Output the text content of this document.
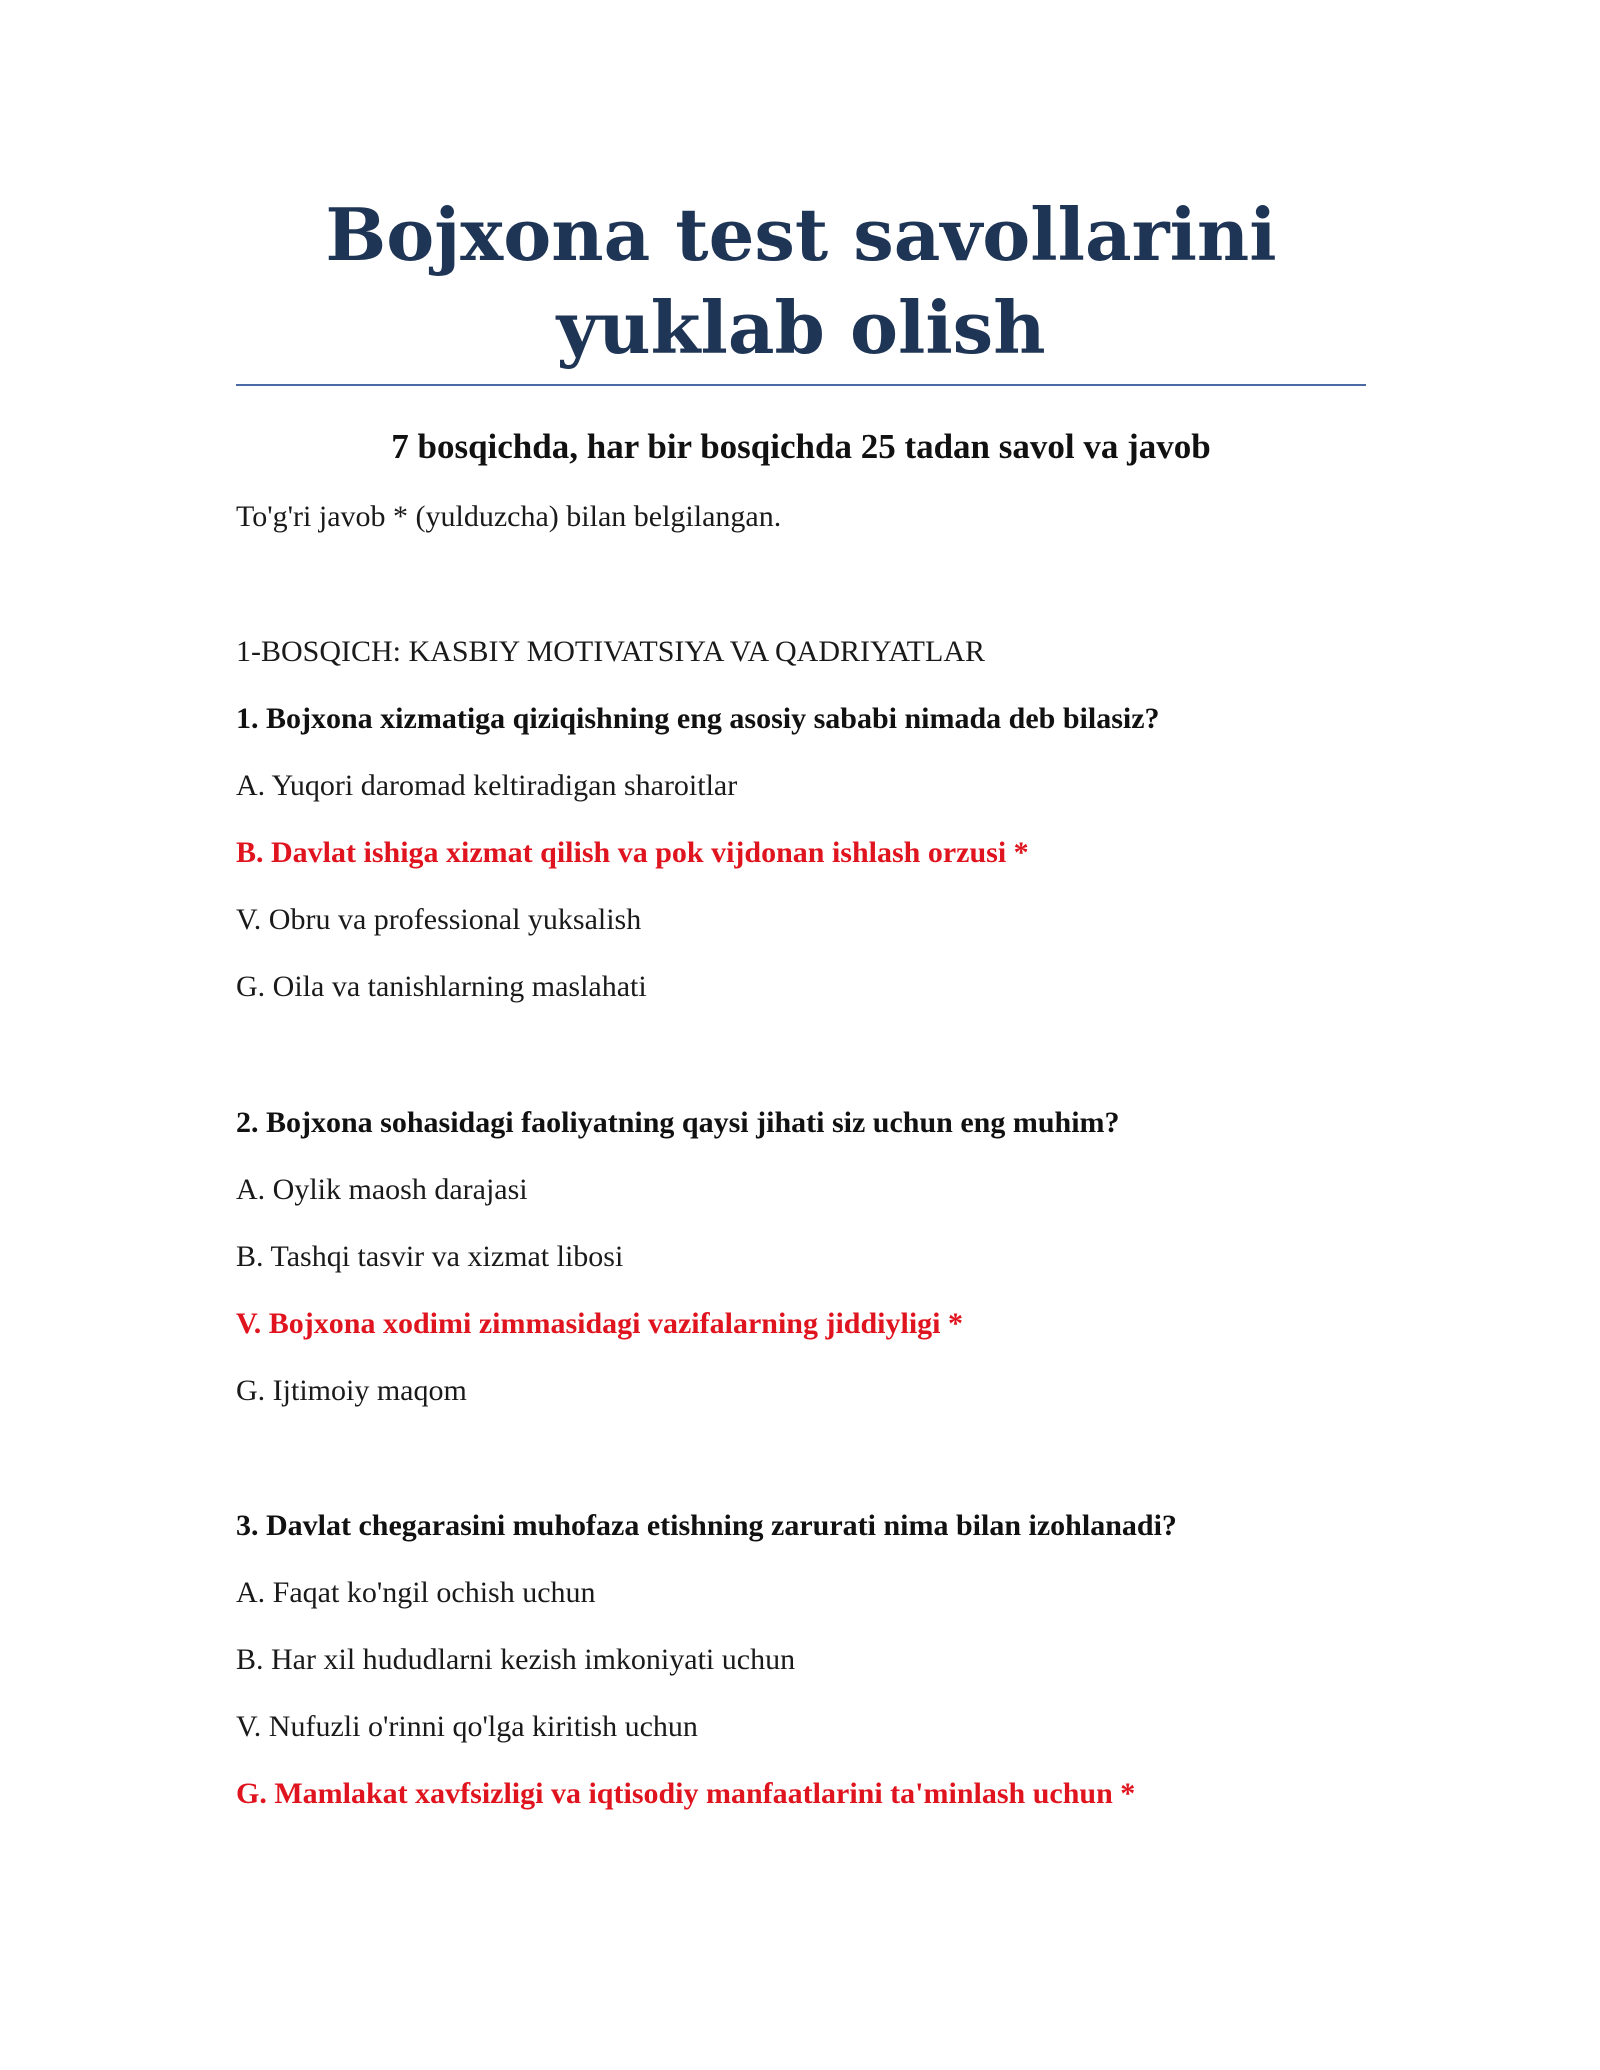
Bojxona test savollarini yuklab olish
7 bosqichda, har bir bosqichda 25 tadan savol va javob

To'g'ri javob * (yulduzcha) bilan belgilangan.

1-BOSQICH: KASBIY MOTIVATSIYA VA QADRIYATLAR

1. Bojxona xizmatiga qiziqishning eng asosiy sababi nimada deb bilasiz?

A. Yuqori daromad keltiradigan sharoitlar

B. Davlat ishiga xizmat qilish va pok vijdonan ishlash orzusi *

V. Obru va professional yuksalish

G. Oila va tanishlarning maslahati

2. Bojxona sohasidagi faoliyatning qaysi jihati siz uchun eng muhim?

A. Oylik maosh darajasi

B. Tashqi tasvir va xizmat libosi

V. Bojxona xodimi zimmasidagi vazifalarning jiddiyligi *

G. Ijtimoiy maqom

3. Davlat chegarasini muhofaza etishning zarurati nima bilan izohlanadi?

A. Faqat ko'ngil ochish uchun

B. Har xil hududlarni kezish imkoniyati uchun

V. Nufuzli o'rinni qo'lga kiritish uchun

G. Mamlakat xavfsizligi va iqtisodiy manfaatlarini ta'minlash uchun *
